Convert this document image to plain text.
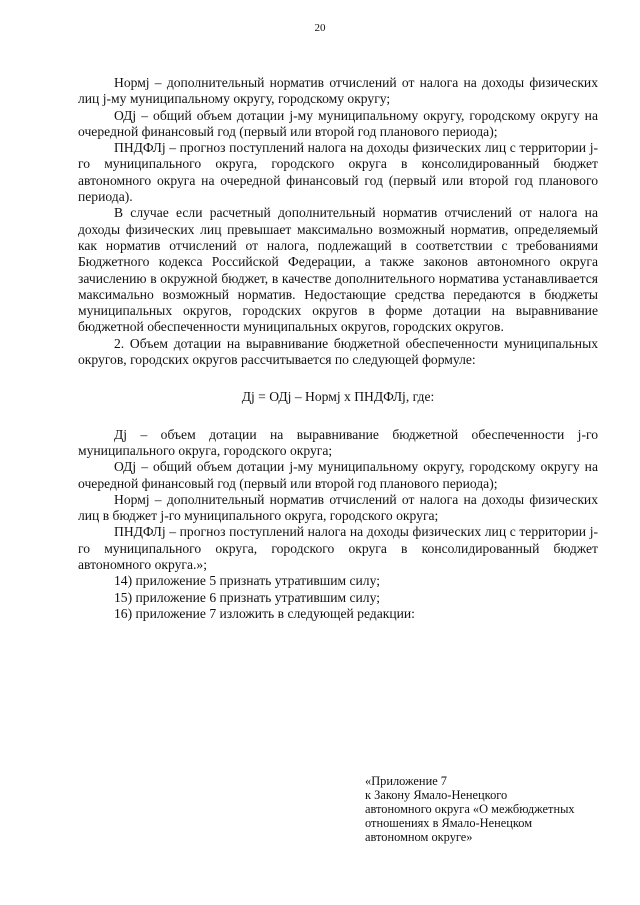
20

Нормj – дополнительный норматив отчислений от налога на доходы физических лиц j-му муниципальному округу, городскому округу;

ОДj – общий объем дотации j-му муниципальному округу, городскому округу на очередной финансовый год (первый или второй год планового периода);

ПНДФЛj – прогноз поступлений налога на доходы физических лиц с территории j-го муниципального округа, городского округа в консолидированный бюджет автономного округа на очередной финансовый год (первый или второй год планового периода).

В случае если расчетный дополнительный норматив отчислений от налога на доходы физических лиц превышает максимально возможный норматив, определяемый как норматив отчислений от налога, подлежащий в соответствии с требованиями Бюджетного кодекса Российской Федерации, а также законов автономного округа зачислению в окружной бюджет, в качестве дополнительного норматива устанавливается максимально возможный норматив. Недостающие средства передаются в бюджеты муниципальных округов, городских округов в форме дотации на выравнивание бюджетной обеспеченности муниципальных округов, городских округов.

2. Объем дотации на выравнивание бюджетной обеспеченности муниципальных округов, городских округов рассчитывается по следующей формуле:

Дj = ОДj – Нормj х ПНДФЛj, где:

Дj – объем дотации на выравнивание бюджетной обеспеченности j-го муниципального округа, городского округа;

ОДj – общий объем дотации j-му муниципальному округу, городскому округу на очередной финансовый год (первый или второй год планового периода);

Нормj – дополнительный норматив отчислений от налога на доходы физических лиц в бюджет j-го муниципального округа, городского округа;

ПНДФЛj – прогноз поступлений налога на доходы физических лиц с территории j-го муниципального округа, городского округа в консолидированный бюджет автономного округа.»;

14) приложение 5 признать утратившим силу;

15) приложение 6 признать утратившим силу;

16) приложение 7 изложить в следующей редакции:

«Приложение 7
к Закону Ямало-Ненецкого
автономного округа «О межбюджетных
отношениях в Ямало-Ненецком
автономном округе»
